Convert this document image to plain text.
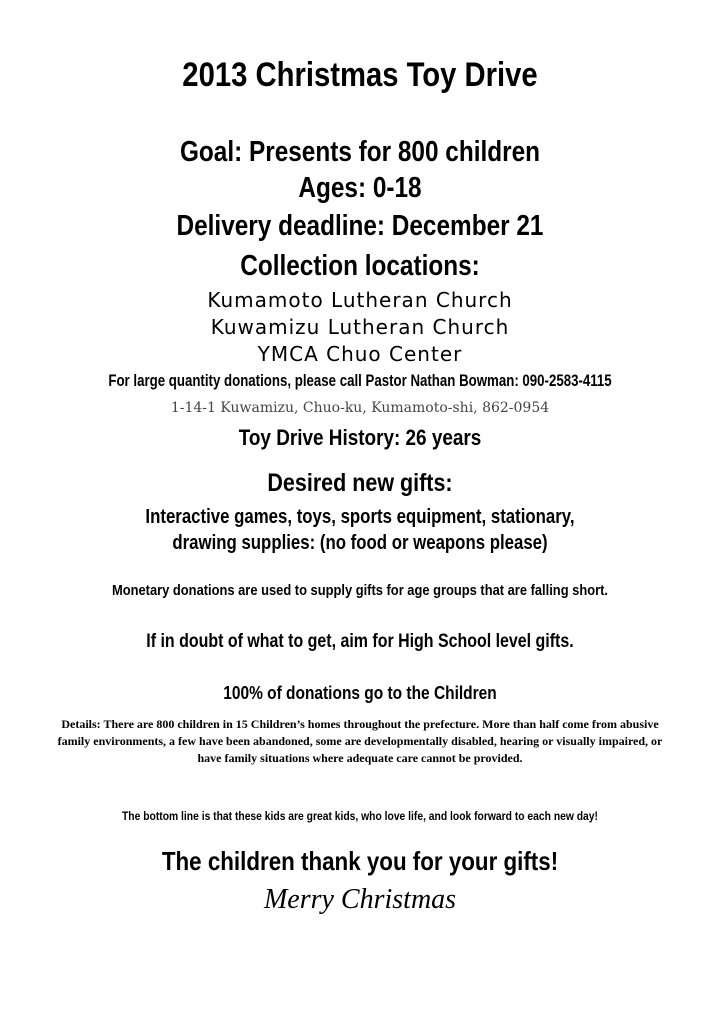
2013 Christmas Toy Drive
Goal: Presents for 800 children
Ages: 0-18
Delivery deadline: December 21
Collection locations:
Kumamoto Lutheran Church
Kuwamizu Lutheran Church
YMCA Chuo Center
For large quantity donations, please call Pastor Nathan Bowman: 090-2583-4115
1-14-1 Kuwamizu, Chuo-ku, Kumamoto-shi, 862-0954
Toy Drive History: 26 years
Desired new gifts:
Interactive games, toys, sports equipment, stationary,
drawing supplies: (no food or weapons please)
Monetary donations are used to supply gifts for age groups that are falling short.
If in doubt of what to get, aim for High School level gifts.
100% of donations go to the Children

Details: There are 800 children in 15 Children’s homes throughout the prefecture. More than half come from abusive family environments, a few have been abandoned, some are developmentally disabled, hearing or visually impaired, or have family situations where adequate care cannot be provided.

The bottom line is that these kids are great kids, who love life, and look forward to each new day!
The children thank you for your gifts!
Merry Christmas
